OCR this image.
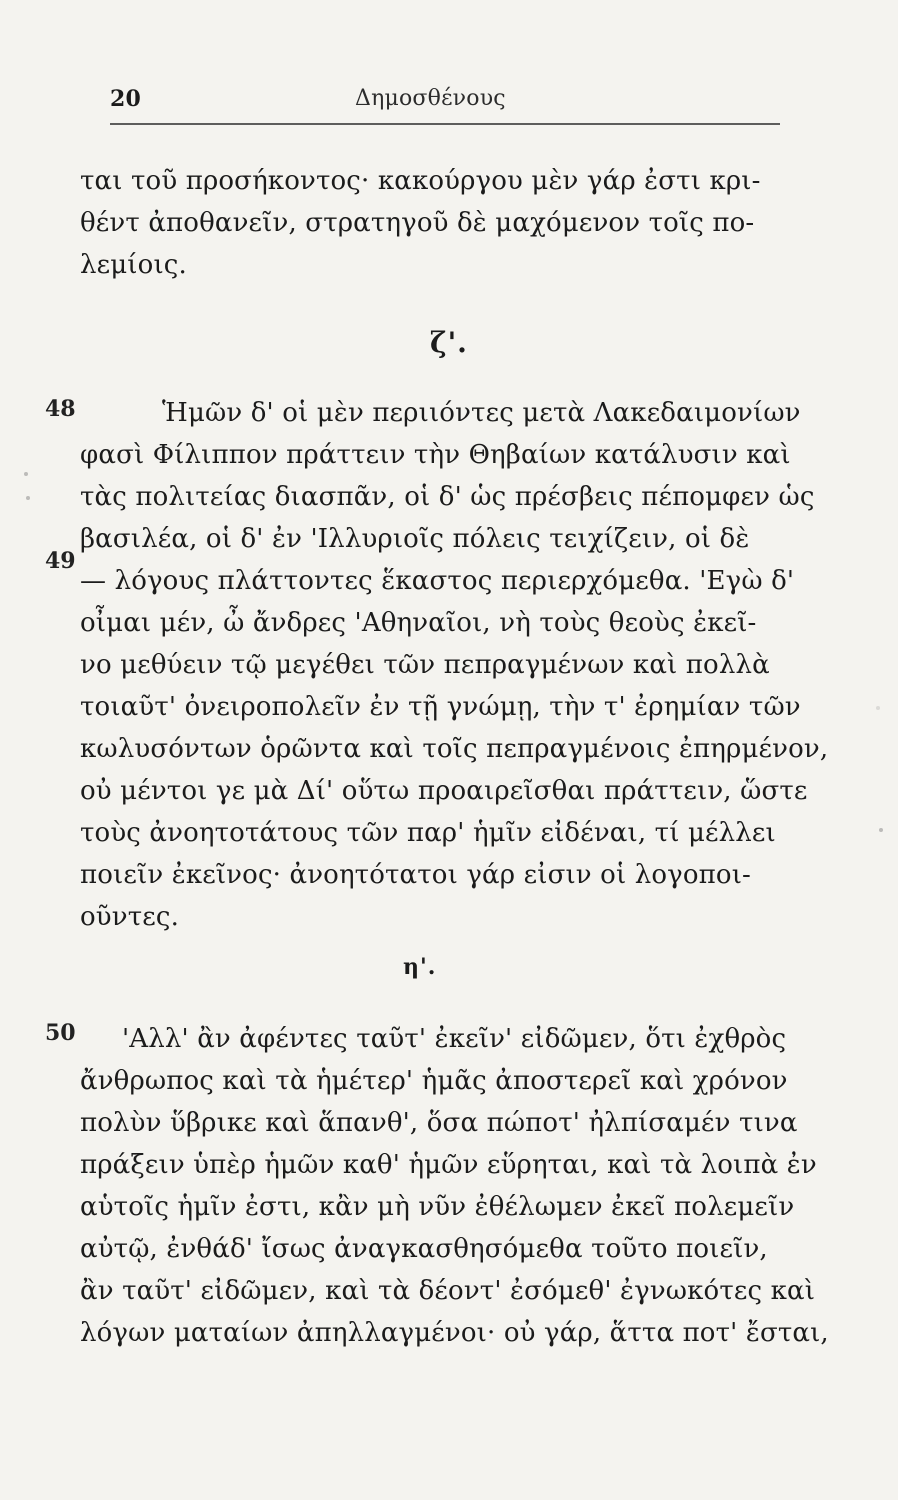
20	Δημοσθένους
ται τοῦ προσήκοντος· κακούργου μὲν γάρ ἐστι κρι-
θέντ ἀποθανεῖν, στρατηγοῦ δὲ μαχόμενον τοῖς πο-
λεμίοις.
ζ'.
48
49
Ἡμῶν δ' οἱ μὲν περιιόντες μετὰ Λακεδαιμονίων
φασὶ Φίλιππον πράττειν τὴν Θηβαίων κατάλυσιν καὶ
τὰς πολιτείας διασπᾶν, οἱ δ' ὡς πρέσβεις πέπομφεν ὡς
βασιλέα, οἱ δ' ἐν 'Ιλλυριοῖς πόλεις τειχίζειν, οἱ δὲ
— λόγους πλάττοντες ἕκαστος περιερχόμεθα. 'Εγὼ δ'
οἶμαι μέν, ὦ ἄνδρες 'Αθηναῖοι, νὴ τοὺς θεοὺς ἐκεῖ-
νο μεθύειν τῷ μεγέθει τῶν πεπραγμένων καὶ πολλὰ
τοιαῦτ' ὀνειροπολεῖν ἐν τῇ γνώμῃ, τὴν τ' ἐρημίαν τῶν
κωλυσόντων ὁρῶντα καὶ τοῖς πεπραγμένοις ἐπηρμένον,
οὐ μέντοι γε μὰ Δί' οὕτω προαιρεῖσθαι πράττειν, ὥστε
τοὺς ἀνοητοτάτους τῶν παρ' ἡμῖν εἰδέναι, τί μέλλει
ποιεῖν ἐκεῖνος· ἀνοητότατοι γάρ εἰσιν οἱ λογοποι-
οῦντες.
η'.
50 'Αλλ' ἂν ἀφέντες ταῦτ' ἐκεῖν' εἰδῶμεν, ὅτι ἐχθρὸς
ἄνθρωπος καὶ τὰ ἡμέτερ' ἡμᾶς ἀποστερεῖ καὶ χρόνον
πολὺν ὕβρικε καὶ ἅπανθ', ὅσα πώποτ' ἠλπίσαμέν τινα
πράξειν ὑπὲρ ἡμῶν καθ' ἡμῶν εὕρηται, καὶ τὰ λοιπὰ ἐν
αὑτοῖς ἡμῖν ἐστι, κἂν μὴ νῦν ἐθέλωμεν ἐκεῖ πολεμεῖν
αὐτῷ, ἐνθάδ' ἴσως ἀναγκασθησόμεθα τοῦτο ποιεῖν,
ἂν ταῦτ' εἰδῶμεν, καὶ τὰ δέοντ' ἐσόμεθ' ἐγνωκότες καὶ
λόγων ματαίων ἀπηλλαγμένοι· οὐ γάρ, ἅττα ποτ' ἔσται,
